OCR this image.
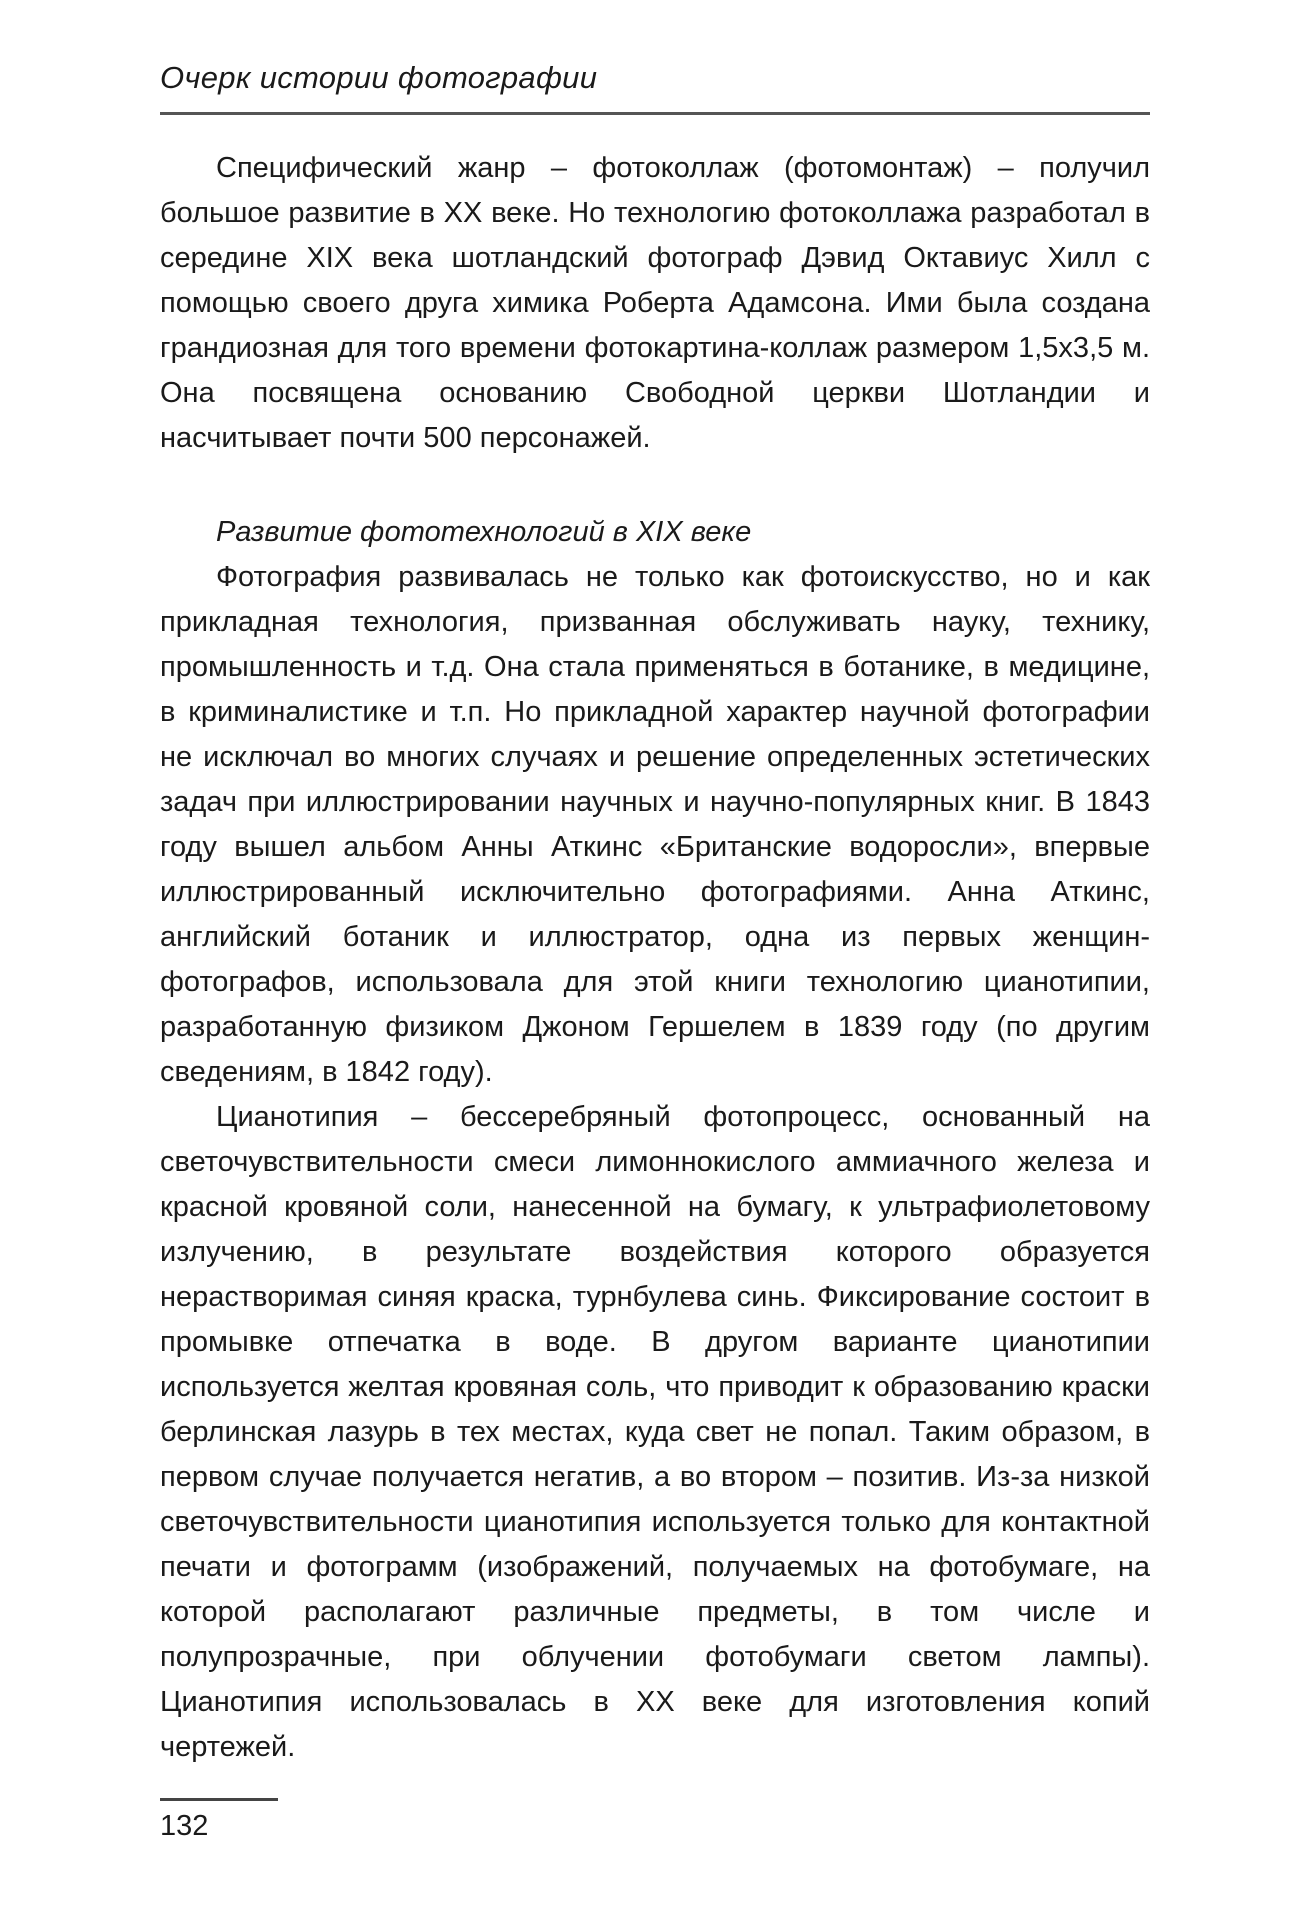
Очерк истории фотографии

Специфический жанр – фотоколлаж (фотомонтаж) – получил большое развитие в XX веке. Но технологию фотоколлажа разработал в середине XIX века шотландский фотограф Дэвид Октавиус Хилл с помощью своего друга химика Роберта Адамсона. Ими была создана грандиозная для того времени фотокартина-коллаж размером 1,5х3,5 м. Она посвящена основанию Свободной церкви Шотландии и насчитывает почти 500 персонажей.

Развитие фототехнологий в XIX веке

Фотография развивалась не только как фотоискусство, но и как прикладная технология, призванная обслуживать науку, технику, промышленность и т.д. Она стала применяться в ботанике, в медицине, в криминалистике и т.п. Но прикладной характер научной фотографии не исключал во многих случаях и решение определенных эстетических задач при иллюстрировании научных и научно-популярных книг. В 1843 году вышел альбом Анны Аткинс «Британские водоросли», впервые иллюстрированный исключительно фотографиями. Анна Аткинс, английский ботаник и иллюстратор, одна из первых женщин-фотографов, использовала для этой книги технологию цианотипии, разработанную физиком Джоном Гершелем в 1839 году (по другим сведениям, в 1842 году).

Цианотипия – бессеребряный фотопроцесс, основанный на светочувствительности смеси лимоннокислого аммиачного железа и красной кровяной соли, нанесенной на бумагу, к ультрафиолетовому излучению, в результате воздействия которого образуется нерастворимая синяя краска, турнбулева синь. Фиксирование состоит в промывке отпечатка в воде. В другом варианте цианотипии используется желтая кровяная соль, что приводит к образованию краски берлинская лазурь в тех местах, куда свет не попал. Таким образом, в первом случае получается негатив, а во втором – позитив. Из-за низкой светочувствительности цианотипия используется только для контактной печати и фотограмм (изображений, получаемых на фотобумаге, на которой располагают различные предметы, в том числе и полупрозрачные, при облучении фотобумаги светом лампы). Цианотипия использовалась в XX веке для изготовления копий чертежей.

132
